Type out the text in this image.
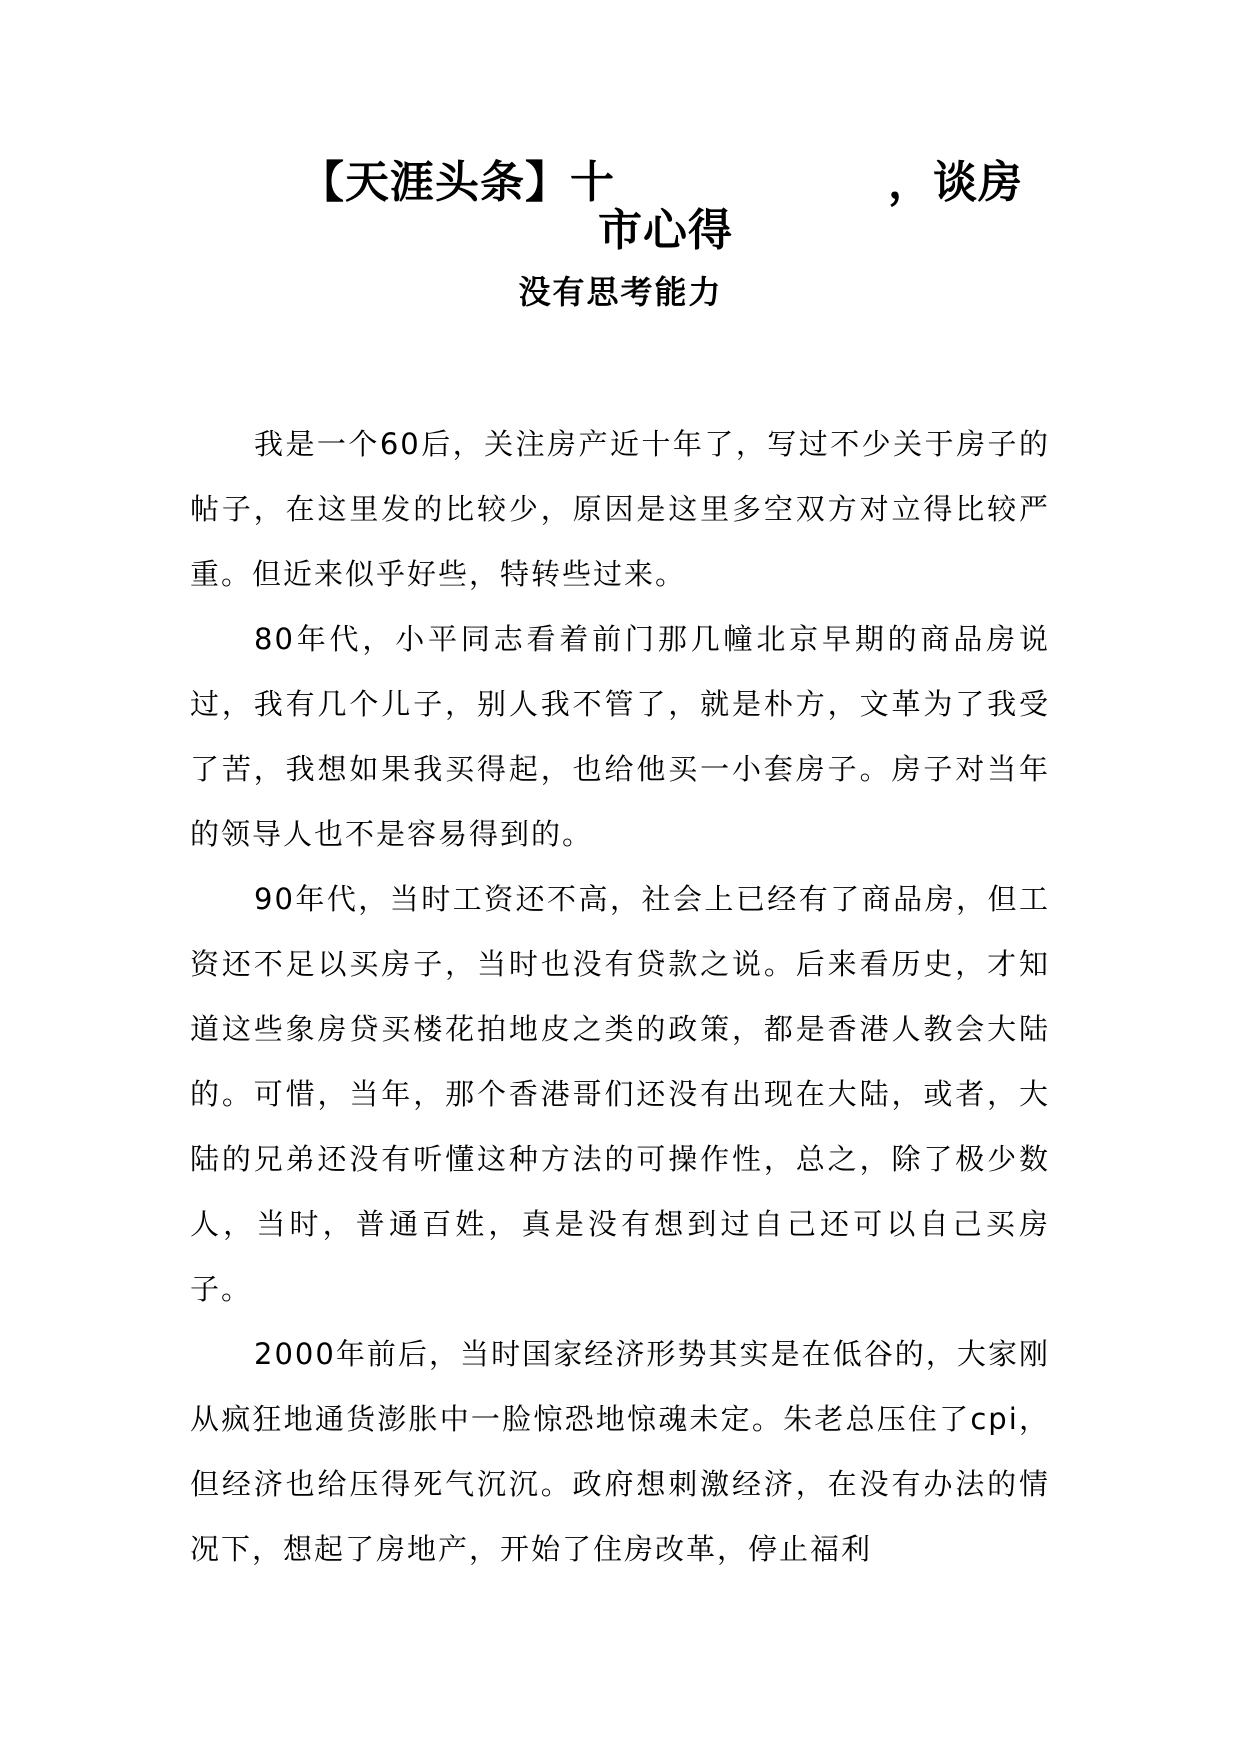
【天涯头条】十	，谈房
市心得
没有思考能力

我是一个60后，关注房产近十年了，写过不少关于房子的帖子，在这里发的比较少，原因是这里多空双方对立得比较严重。但近来似乎好些，特转些过来。

80年代，小平同志看着前门那几幢北京早期的商品房说过，我有几个儿子，别人我不管了，就是朴方，文革为了我受了苦，我想如果我买得起，也给他买一小套房子。房子对当年的领导人也不是容易得到的。

90年代，当时工资还不高，社会上已经有了商品房，但工资还不足以买房子，当时也没有贷款之说。后来看历史，才知道这些象房贷买楼花拍地皮之类的政策，都是香港人教会大陆的。可惜，当年，那个香港哥们还没有出现在大陆，或者，大陆的兄弟还没有听懂这种方法的可操作性，总之，除了极少数人，当时，普通百姓，真是没有想到过自己还可以自己买房子。

2000年前后，当时国家经济形势其实是在低谷的，大家刚从疯狂地通货澎胀中一脸惊恐地惊魂未定。朱老总压住了cpi，但经济也给压得死气沉沉。政府想刺激经济，在没有办法的情况下，想起了房地产，开始了住房改革，停止福利
